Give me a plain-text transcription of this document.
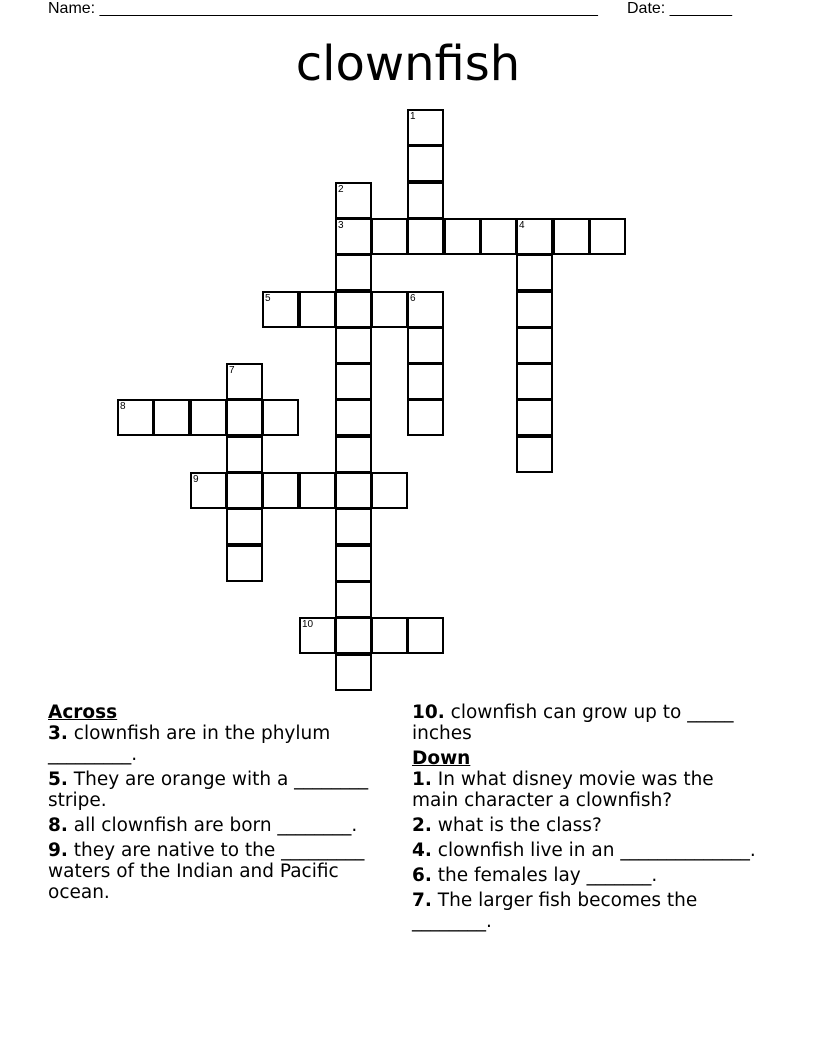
Name: ________________________________________________________ Date: _______
clownfish
1
2
3	4
5	6
7
8
9
10
Across
3. clownfish are in the phylum _________.
5. They are orange with a ________ stripe.
8. all clownfish are born ________.
9. they are native to the _________ waters of the Indian and Pacific ocean.
10. clownfish can grow up to _____ inches
Down
1. In what disney movie was the main character a clownfish?
2. what is the class?
4. clownfish live in an ______________.
6. the females lay _______.
7. The larger fish becomes the ________.
